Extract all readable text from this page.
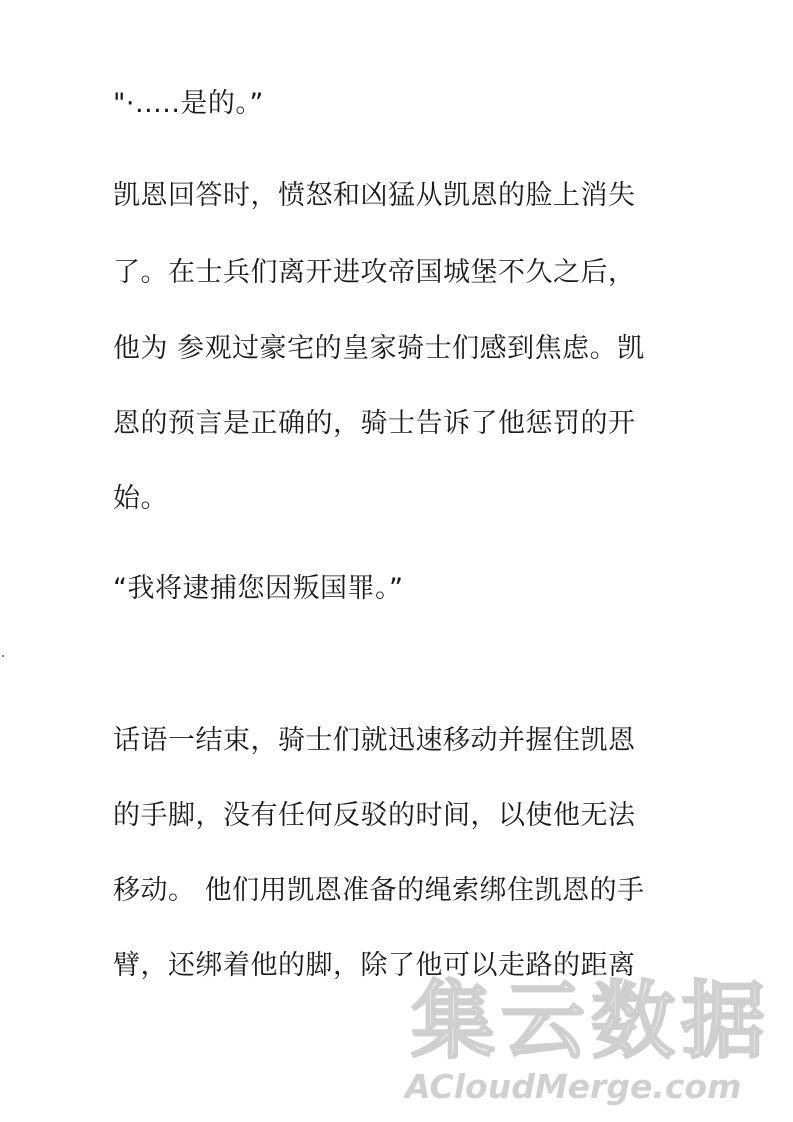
"·.....是的。”
凯恩回答时，愤怒和凶猛从凯恩的脸上消失
了。在士兵们离开进攻帝国城堡不久之后，
他为 参观过豪宅的皇家骑士们感到焦虑。凯
恩的预言是正确的，骑士告诉了他惩罚的开
始。
“我将逮捕您因叛国罪。”
话语一结束，骑士们就迅速移动并握住凯恩
的手脚，没有任何反驳的时间，以使他无法
移动。 他们用凯恩准备的绳索绑住凯恩的手
臂，还绑着他的脚，除了他可以走路的距离
集云数据
ACloudMerge.com
